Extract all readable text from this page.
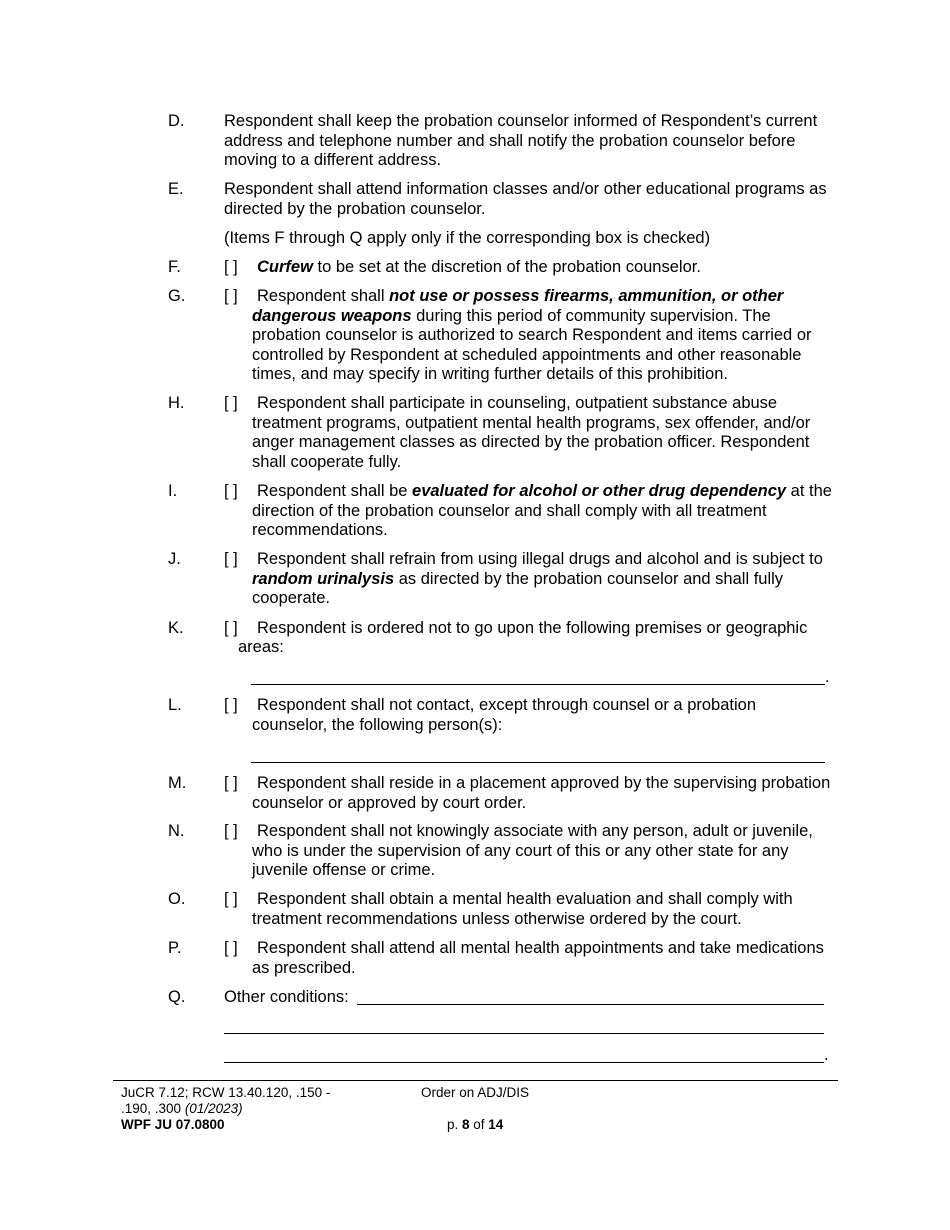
D. Respondent shall keep the probation counselor informed of Respondent’s current address and telephone number and shall notify the probation counselor before moving to a different address.
E. Respondent shall attend information classes and/or other educational programs as directed by the probation counselor.
(Items F through Q apply only if the corresponding box is checked)
F.	[ ]	Curfew to be set at the discretion of the probation counselor.
G. [ ]	Respondent shall not use or possess firearms, ammunition, or other dangerous weapons during this period of community supervision. The probation counselor is authorized to search Respondent and items carried or controlled by Respondent at scheduled appointments and other reasonable times, and may specify in writing further details of this prohibition.
H. [ ]	Respondent shall participate in counseling, outpatient substance abuse treatment programs, outpatient mental health programs, sex offender, and/or anger management classes as directed by the probation officer. Respondent shall cooperate fully.
I.	[ ]	Respondent shall be evaluated for alcohol or other drug dependency at the direction of the probation counselor and shall comply with all treatment recommendations.
J.	[ ]	Respondent shall refrain from using illegal drugs and alcohol and is subject to random urinalysis as directed by the probation counselor and shall fully cooperate.
K. [ ] Respondent is ordered not to go upon the following premises or geographic
areas:
.
L.	[ ]	Respondent shall not contact, except through counsel or a probation counselor, the following person(s):
M. [ ]	Respondent shall reside in a placement approved by the supervising probation counselor or approved by court order.
N. [ ]	Respondent shall not knowingly associate with any person, adult or juvenile, who is under the supervision of any court of this or any other state for any juvenile offense or crime.
O. [ ]	Respondent shall obtain a mental health evaluation and shall comply with treatment recommendations unless otherwise ordered by the court.
P.	[ ]	Respondent shall attend all mental health appointments and take medications as prescribed.
Q. Other conditions:
.
JuCR 7.12; RCW 13.40.120, .150 -
.190, .300 (01/2023)
WPF JU 07.0800
Order on ADJ/DIS
p. 8 of 14
